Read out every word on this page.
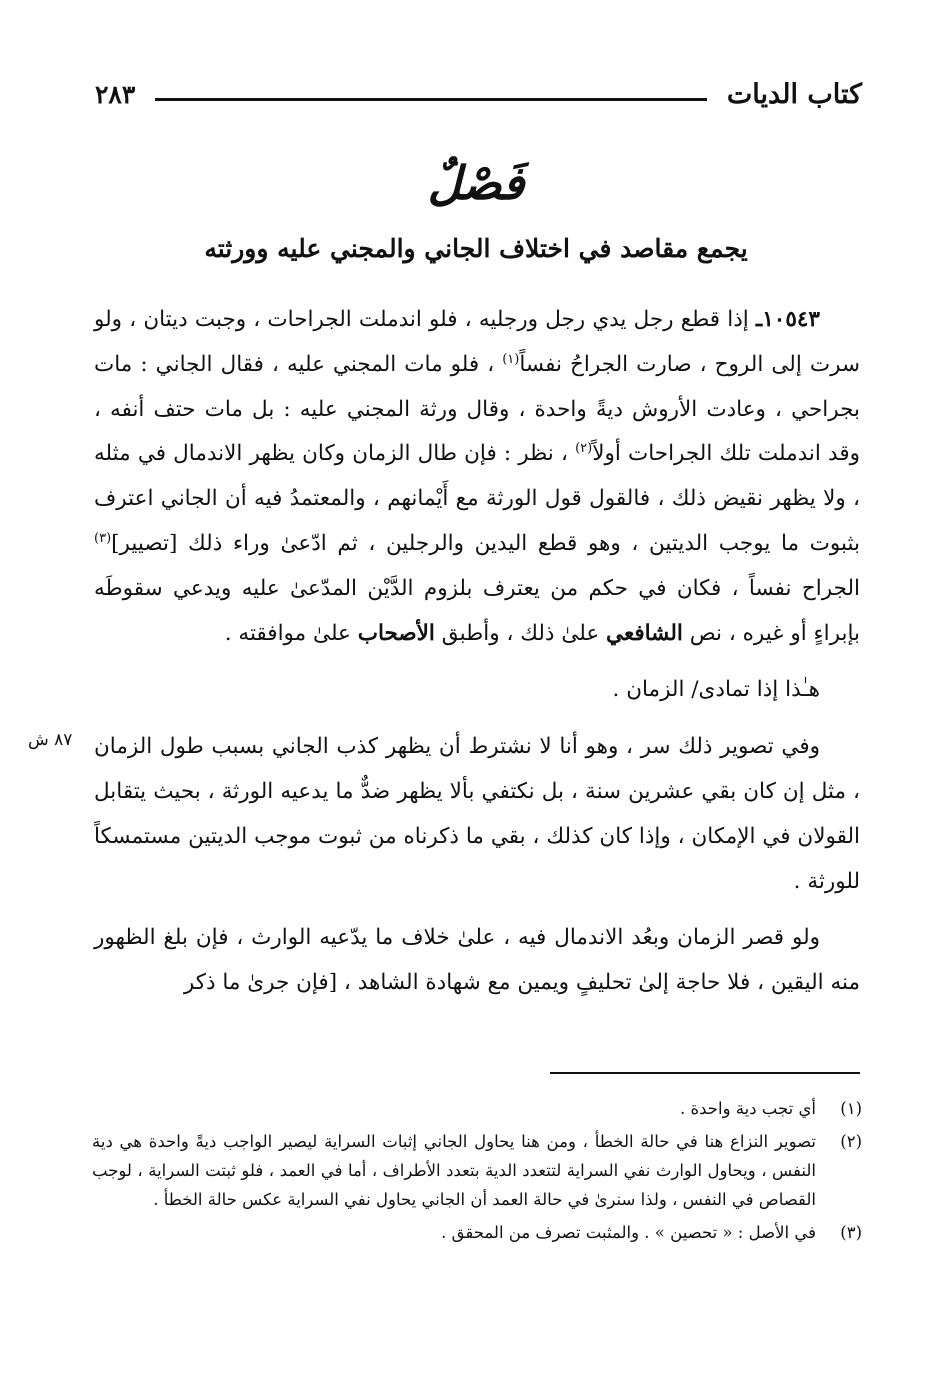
كتاب الديات
٢٨٣
فَصْلٌ
يجمع مقاصد في اختلاف الجاني والمجني عليه وورثته

١٠٥٤٣ـ إذا قطع رجل يدي رجل ورجليه ، فلو اندملت الجراحات ، وجبت ديتان ، ولو سرت إلى الروح ، صارت الجراحُ نفساً$^{(١)}$ ، فلو مات المجني عليه ، فقال الجاني : مات بجراحي ، وعادت الأروش ديةً واحدة ، وقال ورثة المجني عليه : بل مات حتف أنفه ، وقد اندملت تلك الجراحات أولاً$^{(٢)}$ ، نظر : فإن طال الزمان وكان يظهر الاندمال في مثله ، ولا يظهر نقيض ذلك ، فالقول قول الورثة مع أَيْمانهم ، والمعتمدُ فيه أن الجاني اعترف بثبوت ما يوجب الديتين ، وهو قطع اليدين والرجلين ، ثم ادّعىٰ وراء ذلك [تصيير]$^{(٣)}$ الجراح نفساً ، فكان في حكم من يعترف بلزوم الدَّيْن المدّعىٰ عليه ويدعي سقوطَه بإبراءٍ أو غيره ، نص الشافعي علىٰ ذلك ، وأطبق الأصحاب علىٰ موافقته .

هـٰذا إذا تمادى/ الزمان .

وفي تصوير ذلك سر ، وهو أنا لا نشترط أن يظهر كذب الجاني بسبب طول الزمان ، مثل إن كان بقي عشرين سنة ، بل نكتفي بألا يظهر ضدٌّ ما يدعيه الورثة ، بحيث يتقابل القولان في الإمكان ، وإذا كان كذلك ، بقي ما ذكرناه من ثبوت موجب الديتين مستمسكاً للورثة .

ولو قصر الزمان وبعُد الاندمال فيه ، علىٰ خلاف ما يدّعيه الوارث ، فإن بلغ الظهور منه اليقين ، فلا حاجة إلىٰ تحليفٍ ويمين مع شهادة الشاهد ، [فإن جرىٰ ما ذكر

٨٧ ش
(١)
أي تجب دية واحدة .
(٢)
تصوير النزاع هنا في حالة الخطأ ، ومن هنا يحاول الجاني إثبات السراية ليصير الواجب ديةً واحدة هي دية النفس ، ويحاول الوارث نفي السراية لتتعدد الدية بتعدد الأطراف ، أما في العمد ، فلو ثبتت السراية ، لوجب القصاص في النفس ، ولذا سنرىٰ في حالة العمد أن الجاني يحاول نفي السراية عكس حالة الخطأ .
(٣)
في الأصل : « تحصين » . والمثبت تصرف من المحقق .
